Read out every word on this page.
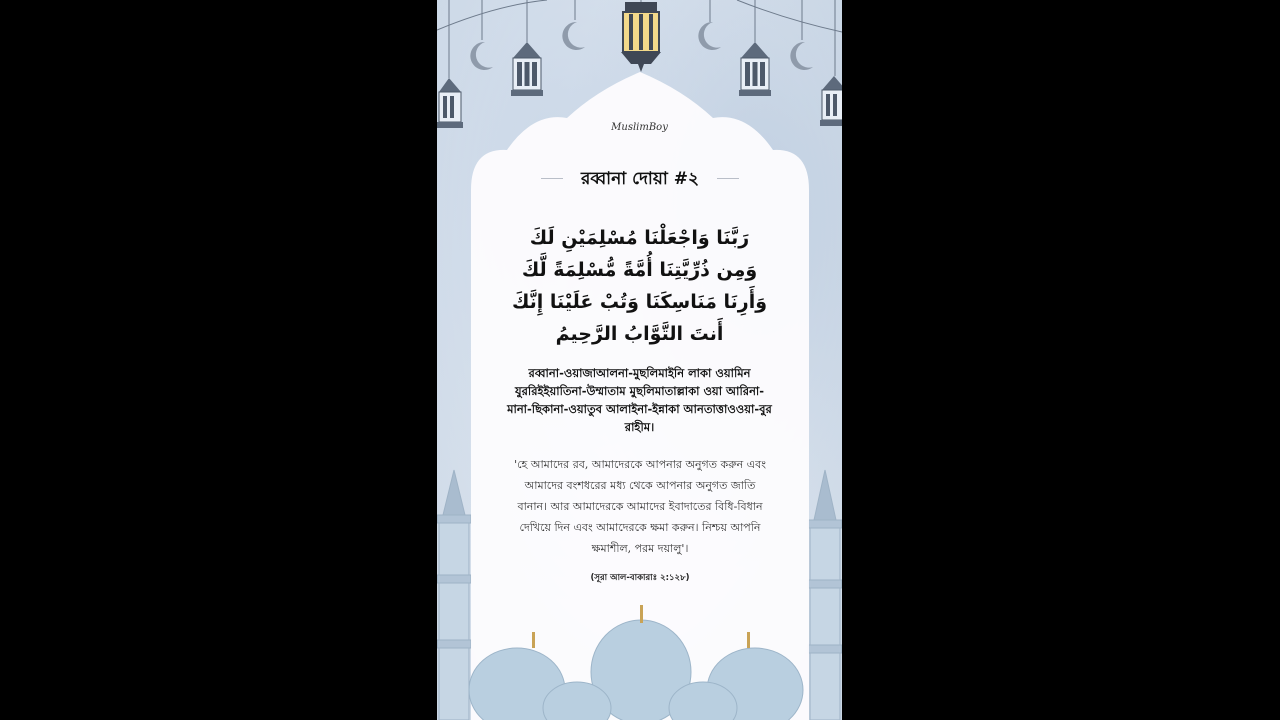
MuslimBoy
রব্বানা দোয়া #২
رَبَّنَا وَاجْعَلْنَا مُسْلِمَيْنِ لَكَ وَمِن ذُرِّيَّتِنَا أُمَّةً مُّسْلِمَةً لَّكَ وَأَرِنَا مَنَاسِكَنَا وَتُبْ عَلَيْنَا إِنَّكَ أَنتَ التَّوَّابُ الرَّحِيمُ
রব্বানা-ওয়াজাআলনা-মুছলিমাইনি লাকা ওয়ামিন যুররিইইয়াতিনা-উম্মাতাম মুছলিমাতাল্লাকা ওয়া আরিনা-মানা-ছিকানা-ওয়াতুব আলাইনা-ইন্নাকা আনতাত্তাওওয়া-বুর রাহীম।
'হে আমাদের রব, আমাদেরকে আপনার অনুগত করুন এবং আমাদের বংশধরের মধ্য থেকে আপনার অনুগত জাতি বানান। আর আমাদেরকে আমাদের ইবাদাতের বিধি-বিধান দেখিয়ে দিন এবং আমাদেরকে ক্ষমা করুন। নিশ্চয় আপনি ক্ষমাশীল, পরম দয়ালু'।
(সূরা আল-বাকারাঃ ২:১২৮)
